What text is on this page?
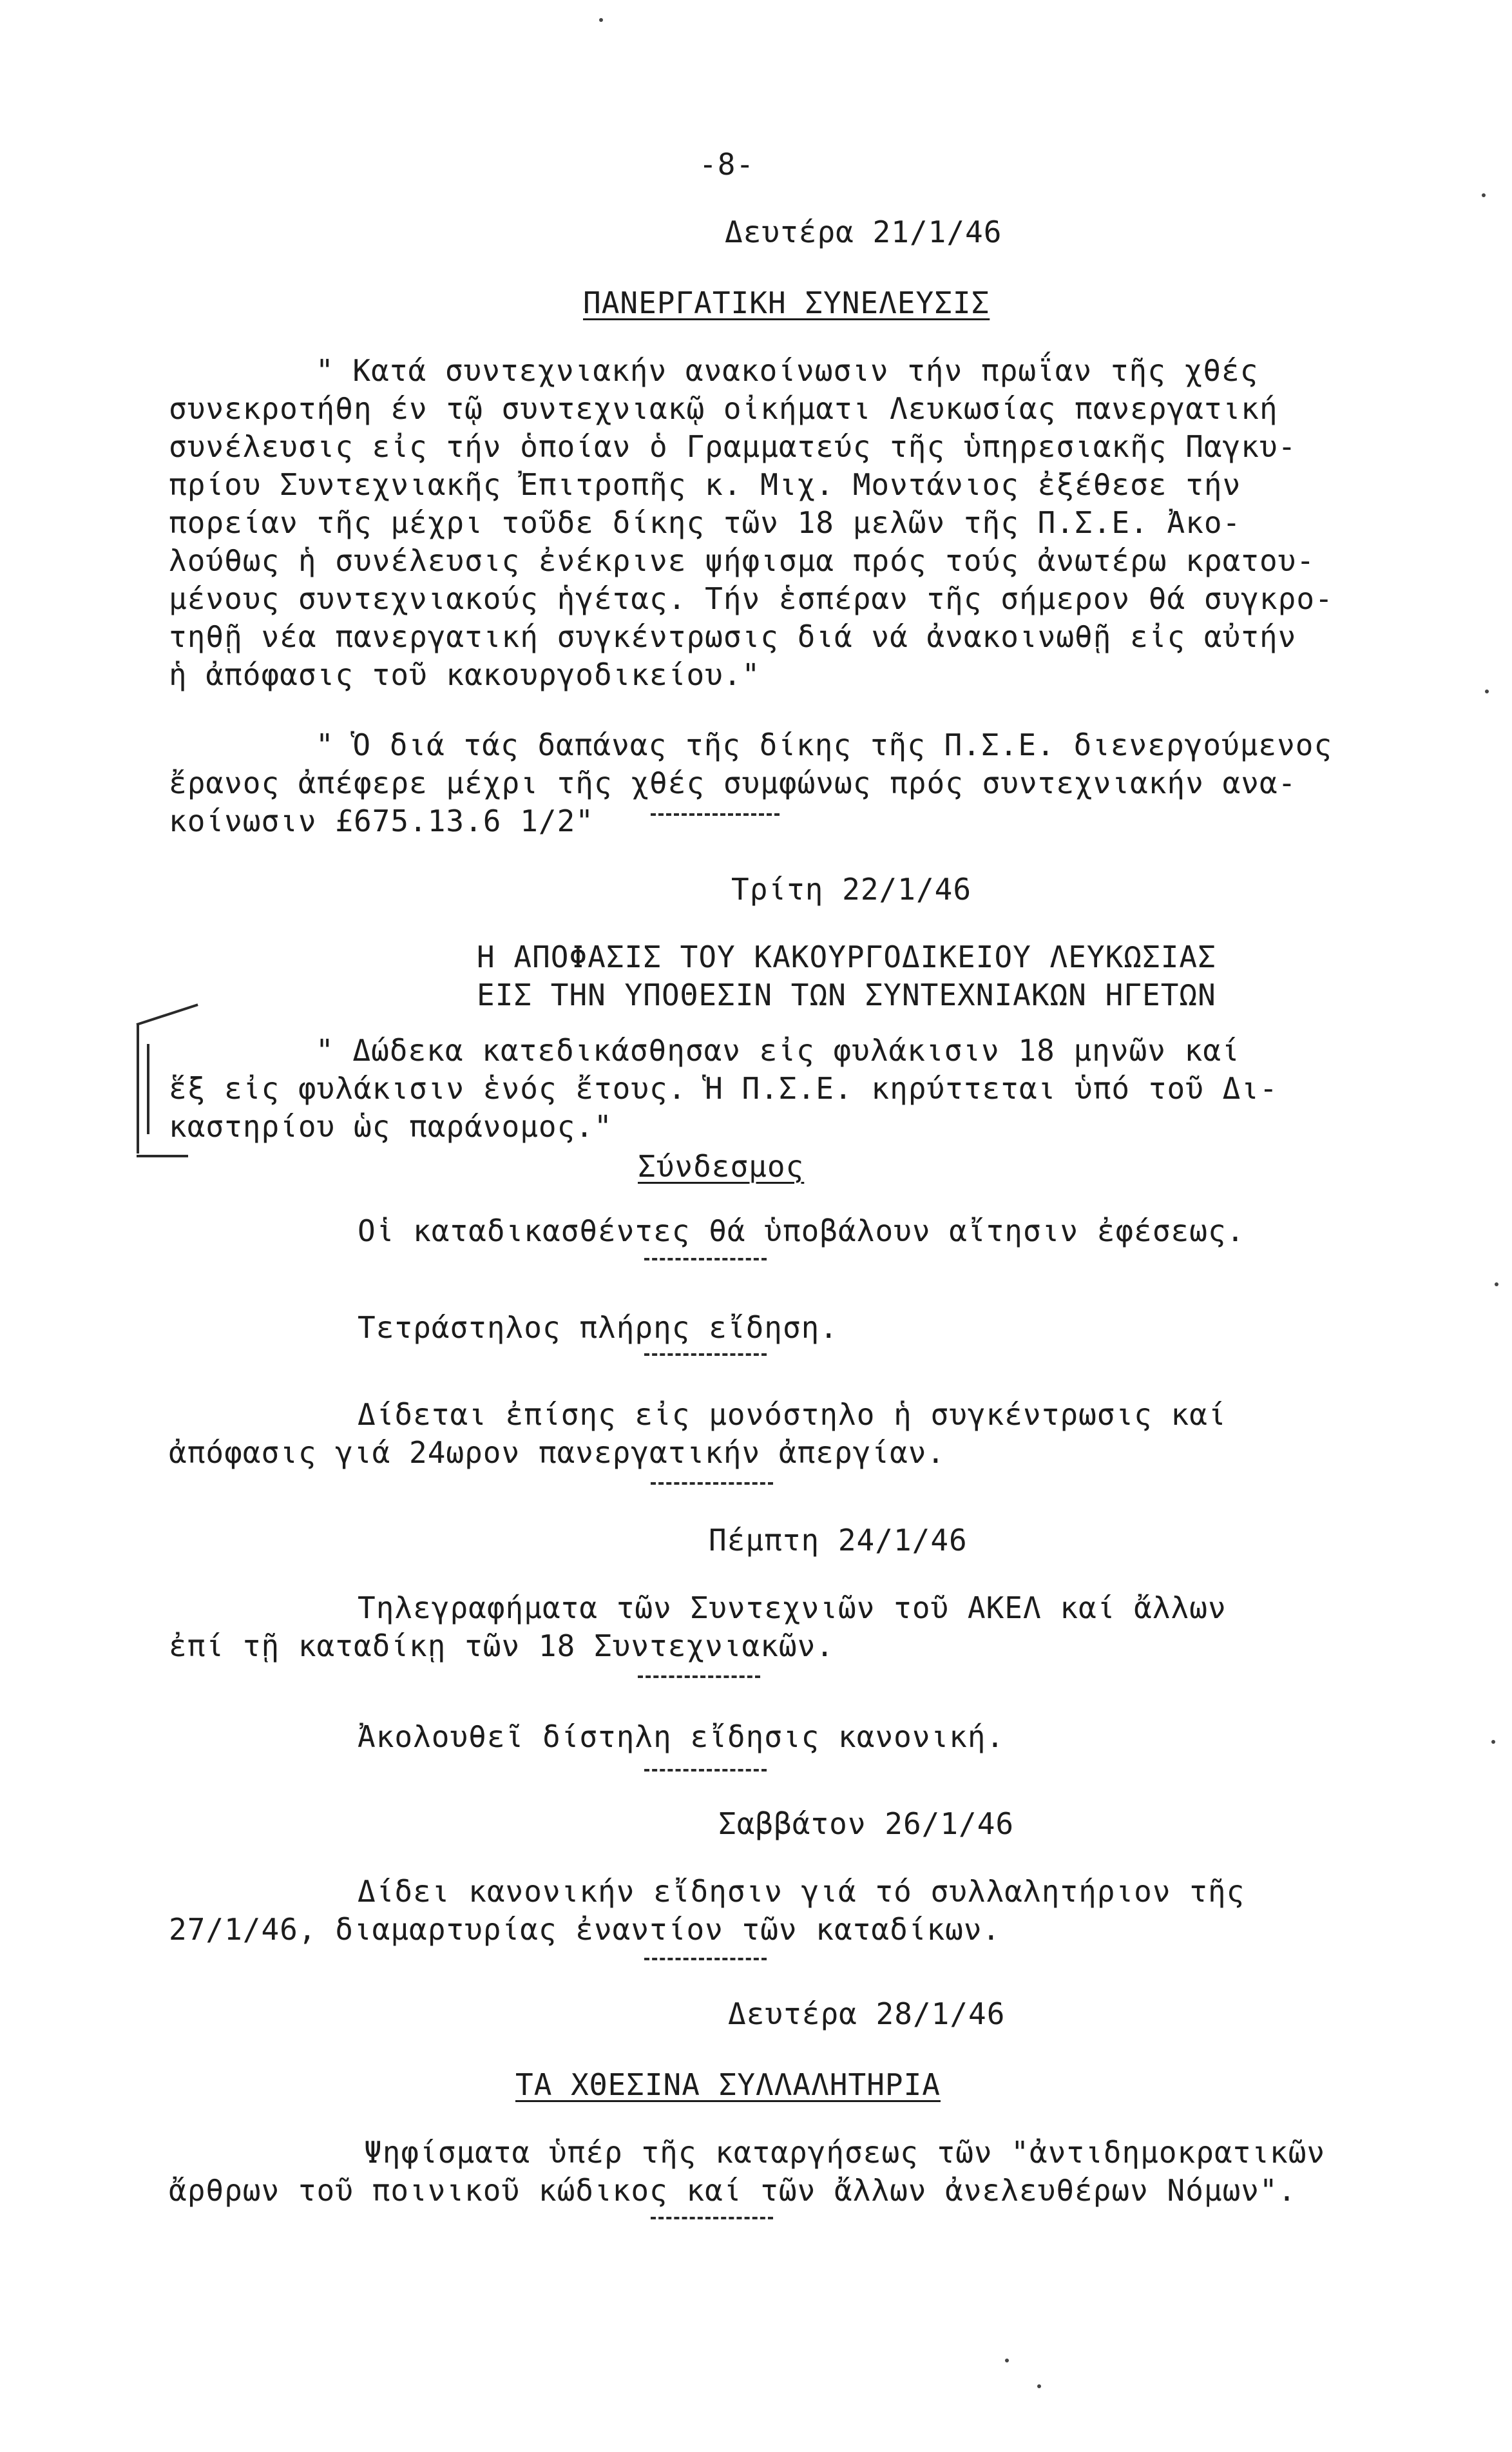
-8-
Δευτέρα 21/1/46
ΠΑΝΕΡΓΑΤΙΚΗ ΣΥΝΕΛΕΥΣΙΣ
" Κατά συντεχνιακήν ανακοίνωσιν τήν πρωΐαν τῆς χθές
συνεκροτήθη έν τῷ συντεχνιακῷ οἰκήματι Λευκωσίας πανεργατική
συνέλευσις εἰς τήν ὁποίαν ὁ Γραμματεύς τῆς ὑπηρεσιακῆς Παγκυ-
πρίου Συντεχνιακῆς Ἐπιτροπῆς κ. Μιχ. Μοντάνιος ἐξέθεσε τήν
πορείαν τῆς μέχρι τοῦδε δίκης τῶν 18 μελῶν τῆς Π.Σ.Ε. Ἀκο-
λούθως ἡ συνέλευσις ἐνέκρινε ψήφισμα πρός τούς ἀνωτέρω κρατου-
μένους συντεχνιακούς ἡγέτας. Τήν ἑσπέραν τῆς σήμερον θά συγκρο-
τηθῇ νέα πανεργατική συγκέντρωσις διά νά ἀνακοινωθῇ εἰς αὐτήν
ἡ ἀπόφασις τοῦ κακουργοδικείου."
" Ὁ διά τάς δαπάνας τῆς δίκης τῆς Π.Σ.Ε. διενεργούμενος
ἔρανος ἀπέφερε μέχρι τῆς χθές συμφώνως πρός συντεχνιακήν ανα-
κοίνωσιν £675.13.6 1/2"
Τρίτη 22/1/46
Η ΑΠΟΦΑΣΙΣ ΤΟΥ ΚΑΚΟΥΡΓΟΔΙΚΕΙΟΥ ΛΕΥΚΩΣΙΑΣ
ΕΙΣ ΤΗΝ ΥΠΟΘΕΣΙΝ ΤΩΝ ΣΥΝΤΕΧΝΙΑΚΩΝ ΗΓΕΤΩΝ
" Δώδεκα κατεδικάσθησαν εἰς φυλάκισιν 18 μηνῶν καί
ἕξ εἰς φυλάκισιν ἑνός ἔτους. Ἡ Π.Σ.Ε. κηρύττεται ὑπό τοῦ Δι-
καστηρίου ὡς παράνομος."
Σύνδεσμος
Οἱ καταδικασθέντες θά ὑποβάλουν αἴτησιν ἐφέσεως.
Τετράστηλος πλήρης εἴδηση.
Δίδεται ἐπίσης εἰς μονόστηλο ἡ συγκέντρωσις καί
ἀπόφασις γιά 24ωρον πανεργατικήν ἀπεργίαν.
Πέμπτη 24/1/46
Τηλεγραφήματα τῶν Συντεχνιῶν τοῦ ΑΚΕΛ καί ἄλλων
ἐπί τῇ καταδίκῃ τῶν 18 Συντεχνιακῶν.
Ἀκολουθεῖ δίστηλη εἴδησις κανονική.
Σαββάτον 26/1/46
Δίδει κανονικήν εἴδησιν γιά τό συλλαλητήριον τῆς
27/1/46, διαμαρτυρίας ἐναντίον τῶν καταδίκων.
Δευτέρα 28/1/46
ΤΑ ΧΘΕΣΙΝΑ ΣΥΛΛΑΛΗΤΗΡΙΑ
Ψηφίσματα ὑπέρ τῆς καταργήσεως τῶν "ἀντιδημοκρατικῶν
ἄρθρων τοῦ ποινικοῦ κώδικος καί τῶν ἄλλων ἀνελευθέρων Νόμων".
